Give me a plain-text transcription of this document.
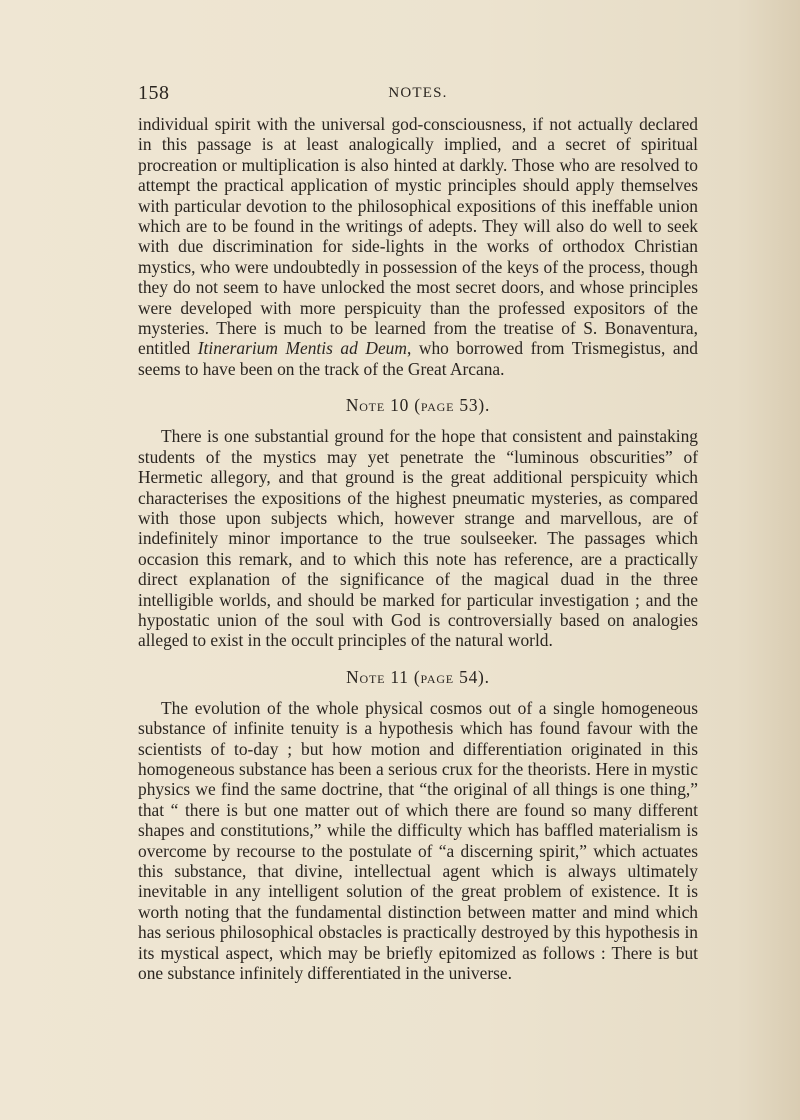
158	NOTES.

individual spirit with the universal god-consciousness, if not actually declared in this passage is at least analogically implied, and a secret of spiritual procreation or multiplication is also hinted at darkly. Those who are resolved to attempt the practical application of mystic principles should apply themselves with particular devotion to the philosophical expositions of this ineffable union which are to be found in the writings of adepts. They will also do well to seek with due discrimination for side-lights in the works of orthodox Christian mystics, who were undoubtedly in possession of the keys of the process, though they do not seem to have unlocked the most secret doors, and whose principles were developed with more perspicuity than the professed expositors of the mysteries. There is much to be learned from the treatise of S. Bonaventura, entitled Itinerarium Mentis ad Deum, who borrowed from Trismegistus, and seems to have been on the track of the Great Arcana.

Note 10 (page 53).

There is one substantial ground for the hope that consistent and painstaking students of the mystics may yet penetrate the “luminous obscurities” of Hermetic allegory, and that ground is the great additional perspicuity which characterises the expositions of the highest pneumatic mysteries, as compared with those upon subjects which, however strange and marvellous, are of indefinitely minor importance to the true soulseeker. The passages which occasion this remark, and to which this note has reference, are a practically direct explanation of the significance of the magical duad in the three intelligible worlds, and should be marked for particular investigation ; and the hypostatic union of the soul with God is controversially based on analogies alleged to exist in the occult principles of the natural world.

Note 11 (page 54).

The evolution of the whole physical cosmos out of a single homogeneous substance of infinite tenuity is a hypothesis which has found favour with the scientists of to-day ; but how motion and differentiation originated in this homogeneous substance has been a serious crux for the theorists. Here in mystic physics we find the same doctrine, that “the original of all things is one thing,” that “ there is but one matter out of which there are found so many different shapes and constitutions,” while the difficulty which has baffled materialism is overcome by recourse to the postulate of “a discerning spirit,” which actuates this substance, that divine, intellectual agent which is always ultimately inevitable in any intelligent solution of the great problem of existence. It is worth noting that the fundamental distinction between matter and mind which has serious philosophical obstacles is practically destroyed by this hypothesis in its mystical aspect, which may be briefly epitomized as follows : There is but one substance infinitely differentiated in the universe.
